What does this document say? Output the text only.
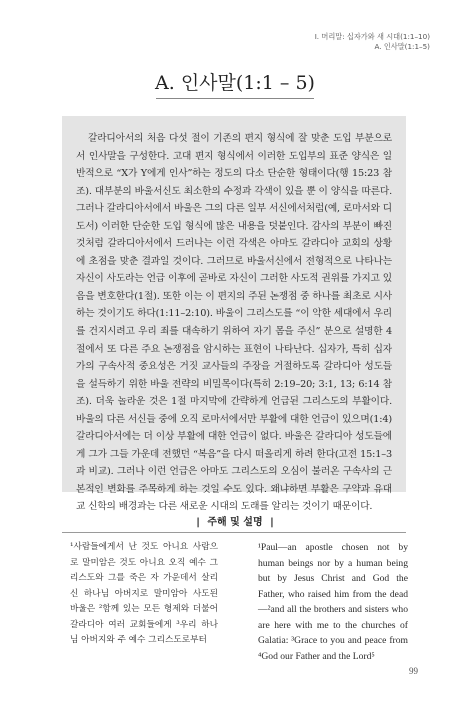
I. 머리말: 십자가와 새 시대(1:1–10)
A. 인사말(1:1–5)
A. 인사말(1:1 – 5)

갈라디아서의 처음 다섯 절이 기존의 편지 형식에 잘 맞춘 도입 부분으로서 인사말을 구성한다. 고대 편지 형식에서 이러한 도입부의 표준 양식은 일반적으로 “X가 Y에게 인사”하는 정도의 다소 단순한 형태이다(행 15:23 참조). 대부분의 바울서신도 최소한의 수정과 각색이 있을 뿐 이 양식을 따른다. 그러나 갈라디아서에서 바울은 그의 다른 일부 서신에서처럼(예, 로마서와 디도서) 이러한 단순한 도입 형식에 많은 내용을 덧붙인다. 감사의 부분이 빠진 것처럼 갈라디아서에서 드러나는 이런 각색은 아마도 갈라디아 교회의 상황에 초점을 맞춘 결과일 것이다. 그러므로 바울서신에서 전형적으로 나타나는 자신이 사도라는 언급 이후에 곧바로 자신이 그러한 사도적 권위를 가지고 있음을 변호한다(1절). 또한 이는 이 편지의 주된 논쟁점 중 하나를 최초로 시사하는 것이기도 하다(1:11–2:10). 바울이 그리스도를 “이 악한 세대에서 우리를 건지시려고 우리 죄를 대속하기 위하여 자기 몸을 주신” 분으로 설명한 4절에서 또 다른 주요 논쟁점을 암시하는 표현이 나타난다. 십자가, 특히 십자가의 구속사적 중요성은 거짓 교사들의 주장을 거절하도록 갈라디아 성도들을 설득하기 위한 바울 전략의 비밀목이다(특히 2:19–20; 3:1, 13; 6:14 참조). 더욱 놀라운 것은 1절 마지막에 간략하게 언급된 그리스도의 부활이다. 바울의 다른 서신들 중에 오직 로마서에서만 부활에 대한 언급이 있으며(1:4) 갈라디아서에는 더 이상 부활에 대한 언급이 없다. 바울은 갈라디아 성도들에게 그가 그들 가운데 전했던 “복음”을 다시 떠올리게 하려 한다(고전 15:1–3과 비교). 그러나 이런 언급은 아마도 그리스도의 오심이 불러온 구속사의 근본적인 변화를 주목하게 하는 것일 수도 있다. 왜냐하면 부활은 구약과 유대교 신학의 배경과는 다른 새로운 시대의 도래를 알리는 것이기 때문이다.

| 주해 및 설명 |
¹사람들에게서 난 것도 아니요 사람으로 말미암은 것도 아니요 오직 예수 그리스도와 그를 죽은 자 가운데서 살리신 하나님 아버지로 말미암아 사도된 바울은 ²함께 있는 모든 형제와 더불어 갈라디아 여러 교회들에게 ³우리 하나님 아버지와 주 예수 그리스도로부터
¹Paul—an apostle chosen not by human beings nor by a human being but by Jesus Christ and God the Father, who raised him from the dead—²and all the brothers and sisters who are here with me to the churches of Galatia: ³Grace to you and peace from ⁴God our Father and the Lord⁵
99
